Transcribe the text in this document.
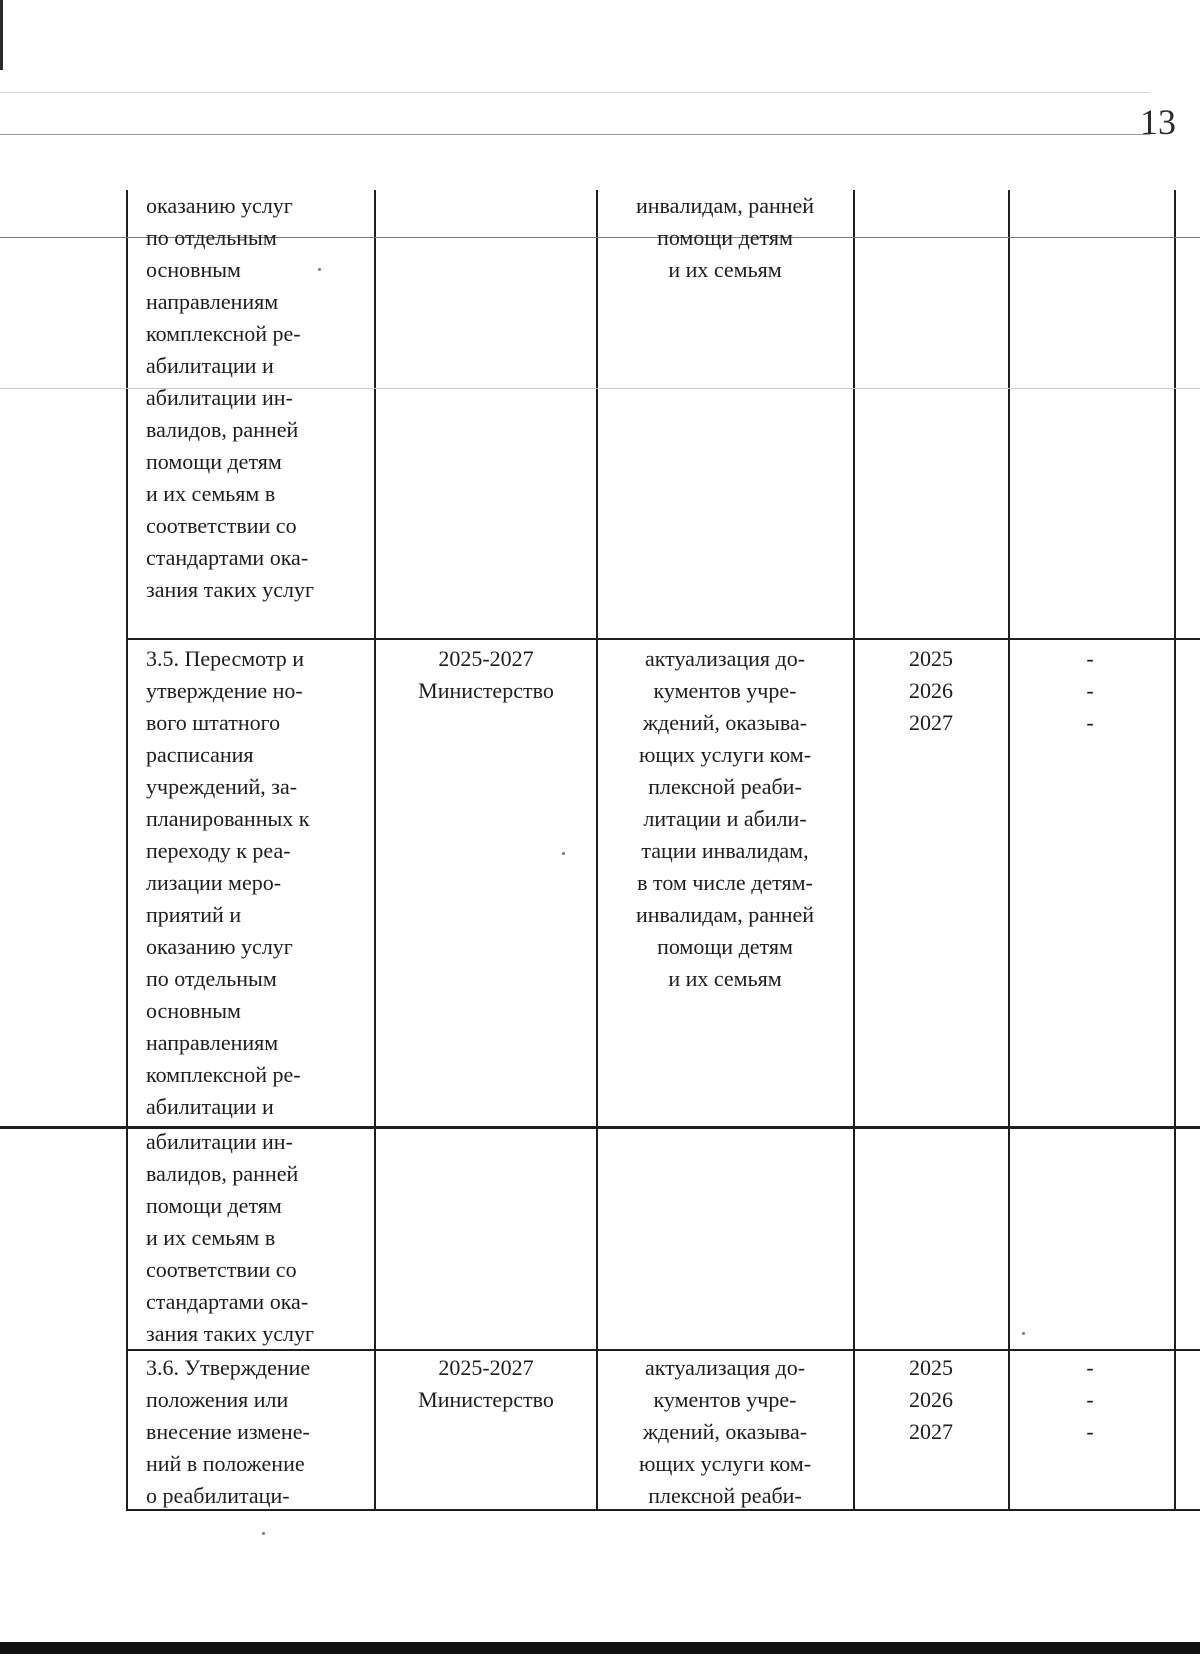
13
оказанию услуг
по отдельным
основным
направлениям
комплексной ре-
абилитации и
абилитации ин-
валидов, ранней
помощи детям
и их семьям в
соответствии со
стандартами ока-
зания таких услуг
инвалидам, ранней
помощи детям
и их семьям
3.5. Пересмотр и
утверждение но-
вого штатного
расписания
учреждений, за-
планированных к
переходу к реа-
лизации меро-
приятий и
оказанию услуг
по отдельным
основным
направлениям
комплексной ре-
абилитации и
2025-2027
Министерство
актуализация до-
кументов учре-
ждений, оказыва-
ющих услуги ком-
плексной реаби-
литации и абили-
тации инвалидам,
в том числе детям-
инвалидам, ранней
помощи детям
и их семьям
2025
2026
2027
-
-
-
абилитации ин-
валидов, ранней
помощи детям
и их семьям в
соответствии со
стандартами ока-
зания таких услуг
3.6. Утверждение
положения или
внесение измене-
ний в положение
о реабилитаци-
2025-2027
Министерство
актуализация до-
кументов учре-
ждений, оказыва-
ющих услуги ком-
плексной реаби-
2025
2026
2027
-
-
-
